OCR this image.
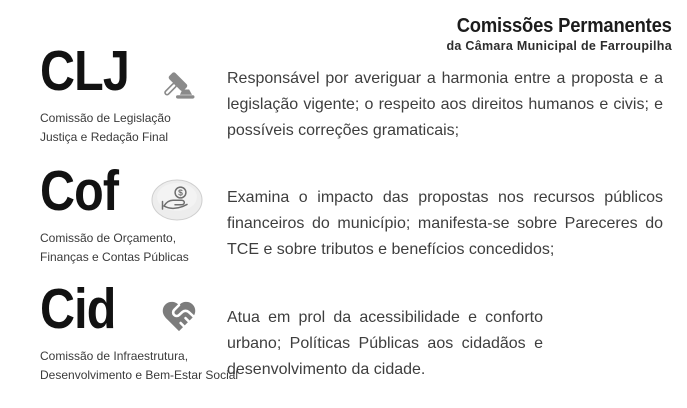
Comissões Permanentes
da Câmara Municipal de Farroupilha
CLJ
Comissão de Legislação
Justiça e Redação Final
Responsável por averiguar a harmonia entre a proposta e a
legislação vigente; o respeito aos direitos humanos e civis; e
possíveis correções gramaticais;
Cof
Comissão de Orçamento,
Finanças e Contas Públicas
$	Examina o impacto das propostas nos recursos públicos
financeiros do município; manifesta-se sobre Pareceres do
TCE e sobre tributos e benefícios concedidos;
Cid
Comissão de Infraestrutura,
Desenvolvimento e Bem-Estar Social
Atua em prol da acessibilidade e conforto
urbano; Políticas Públicas aos cidadãos e
desenvolvimento da cidade.
